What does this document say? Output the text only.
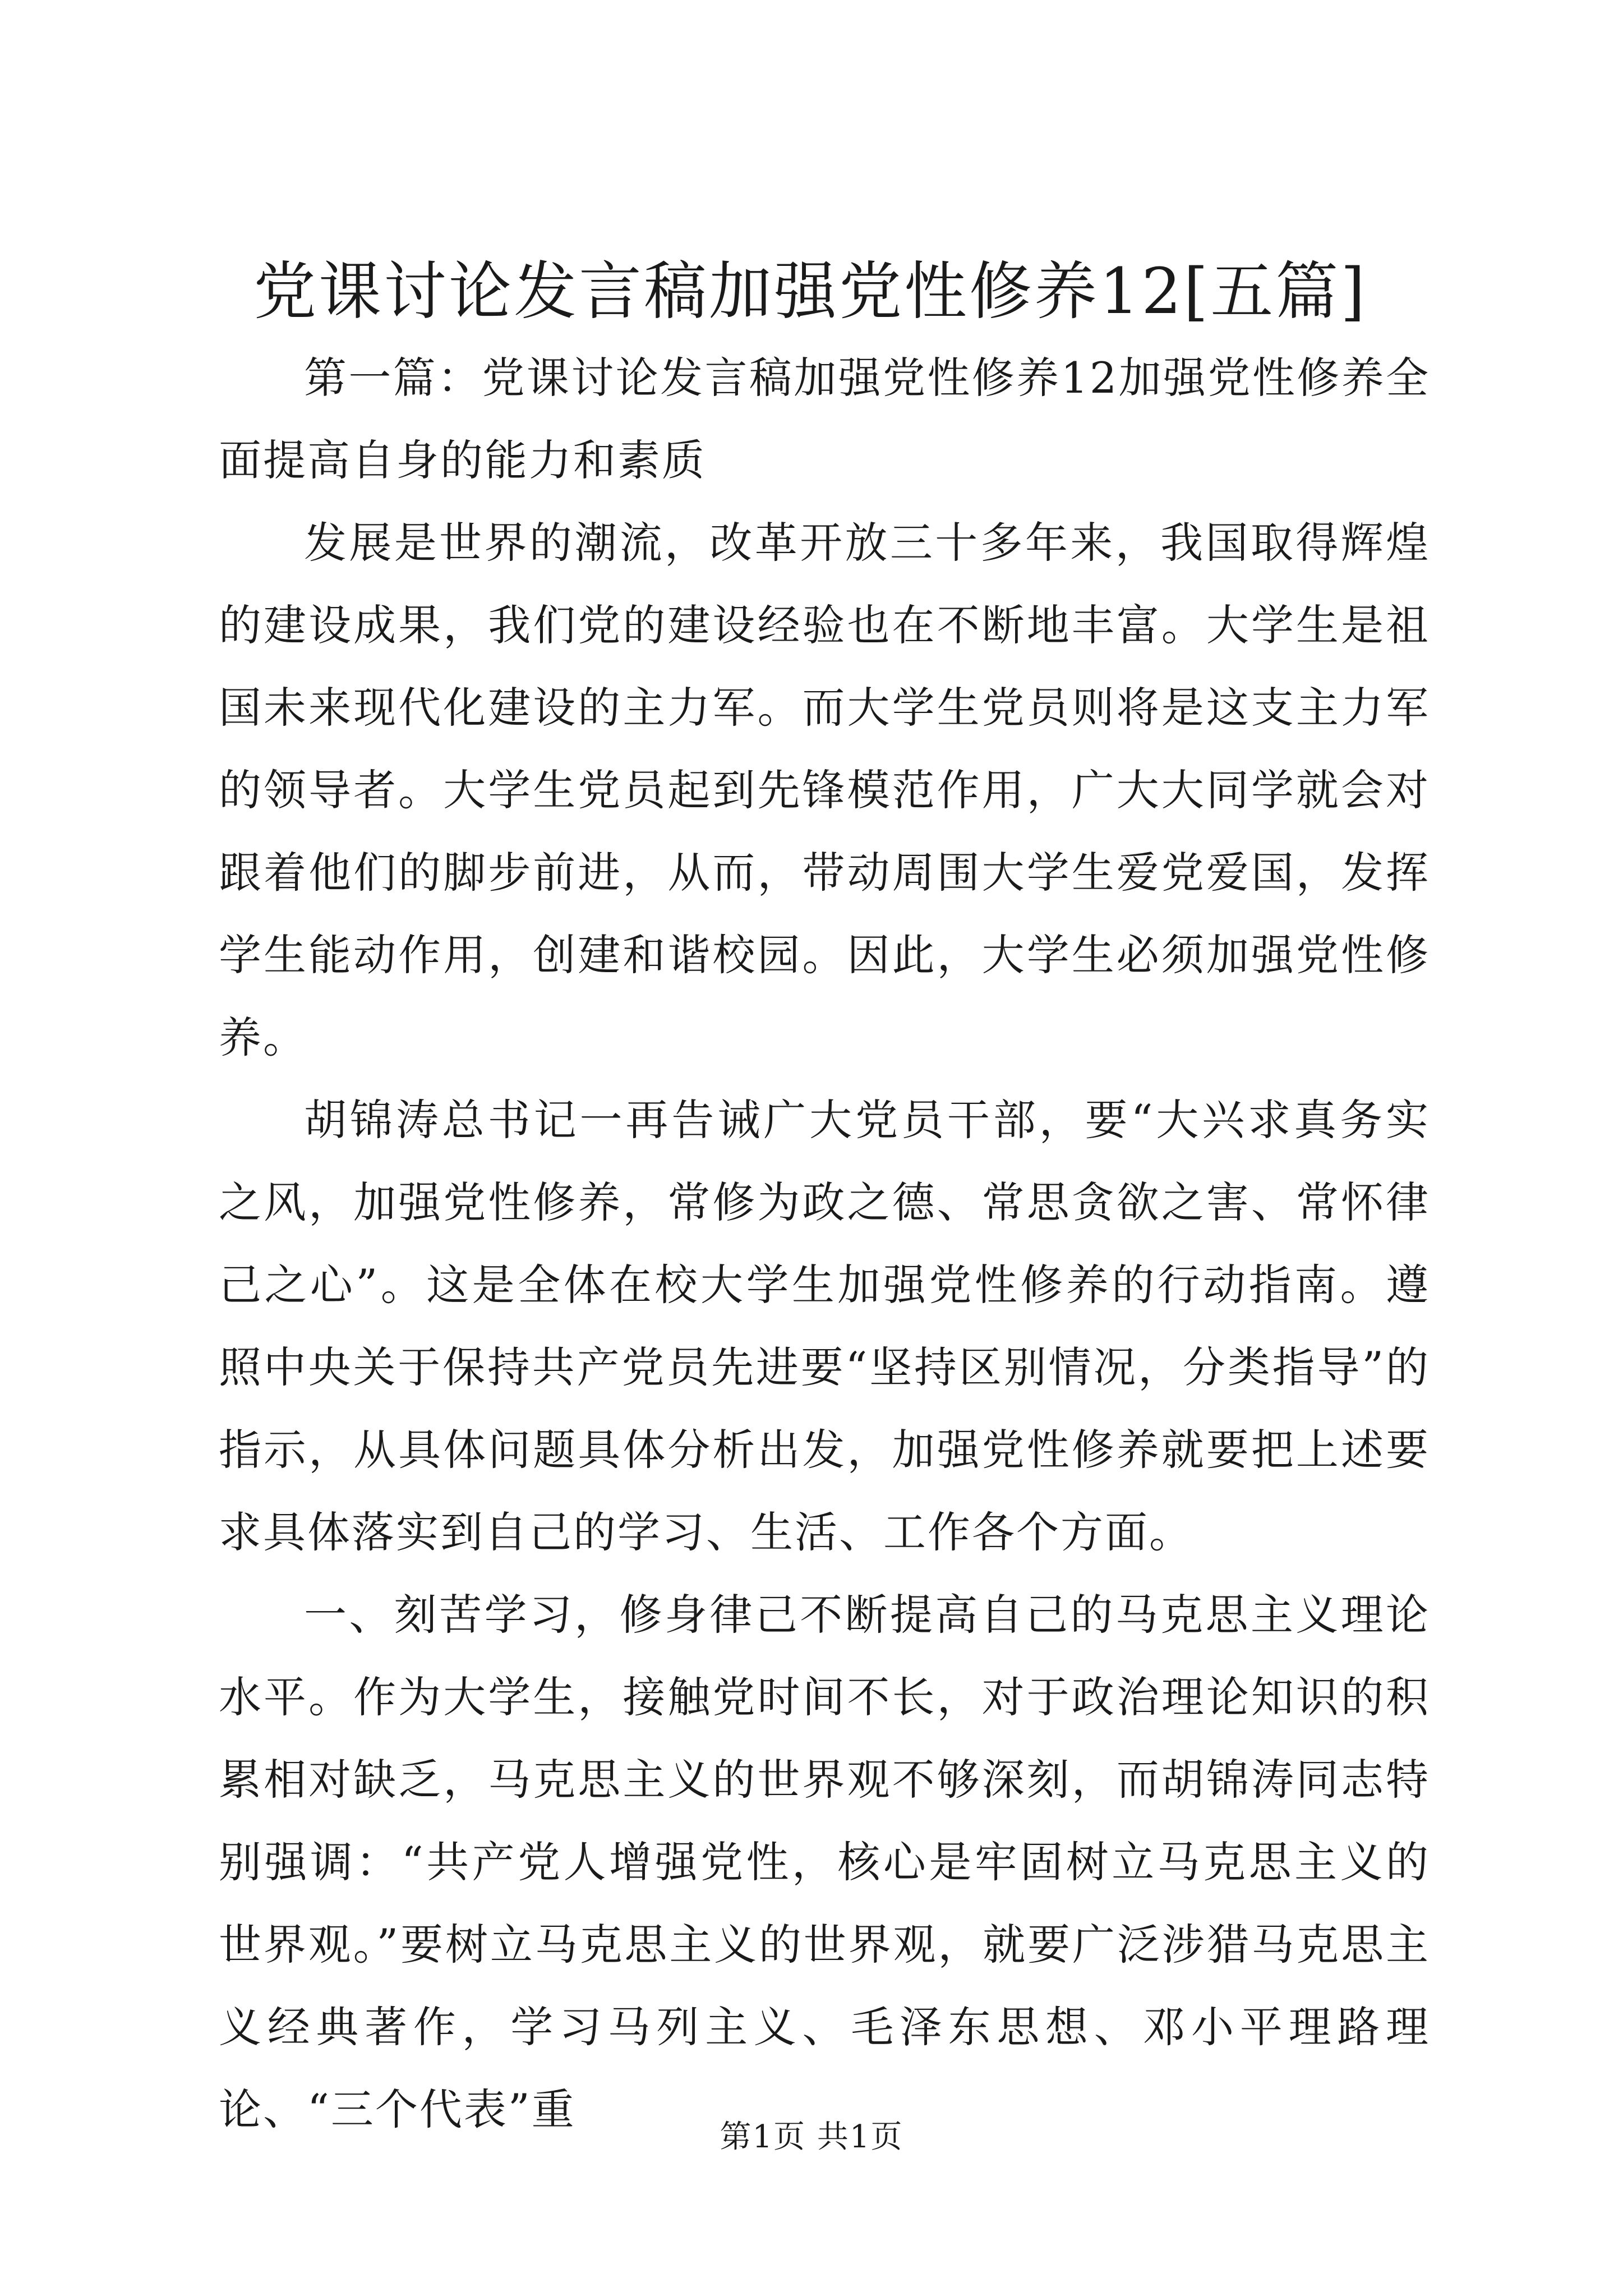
党课讨论发言稿加强党性修养12[五篇]

第一篇：党课讨论发言稿加强党性修养12加强党性修养全面提高自身的能力和素质

发展是世界的潮流，改革开放三十多年来，我国取得辉煌的建设成果，我们党的建设经验也在不断地丰富。大学生是祖国未来现代化建设的主力军。而大学生党员则将是这支主力军的领导者。大学生党员起到先锋模范作用，广大大同学就会对跟着他们的脚步前进，从而，带动周围大学生爱党爱国，发挥学生能动作用，创建和谐校园。因此，大学生必须加强党性修养。

胡锦涛总书记一再告诫广大党员干部，要“大兴求真务实之风，加强党性修养，常修为政之德、常思贪欲之害、常怀律己之心”。这是全体在校大学生加强党性修养的行动指南。遵照中央关于保持共产党员先进要“坚持区别情况，分类指导”的指示，从具体问题具体分析出发，加强党性修养就要把上述要求具体落实到自己的学习、生活、工作各个方面。

一、刻苦学习，修身律己不断提高自己的马克思主义理论水平。作为大学生，接触党时间不长，对于政治理论知识的积累相对缺乏，马克思主义的世界观不够深刻，而胡锦涛同志特别强调：“共产党人增强党性，核心是牢固树立马克思主义的世界观。”要树立马克思主义的世界观，就要广泛涉猎马克思主义经典著作，学习马列主义、毛泽东思想、邓小平理路理论、“三个代表”重

第1页 共1页
